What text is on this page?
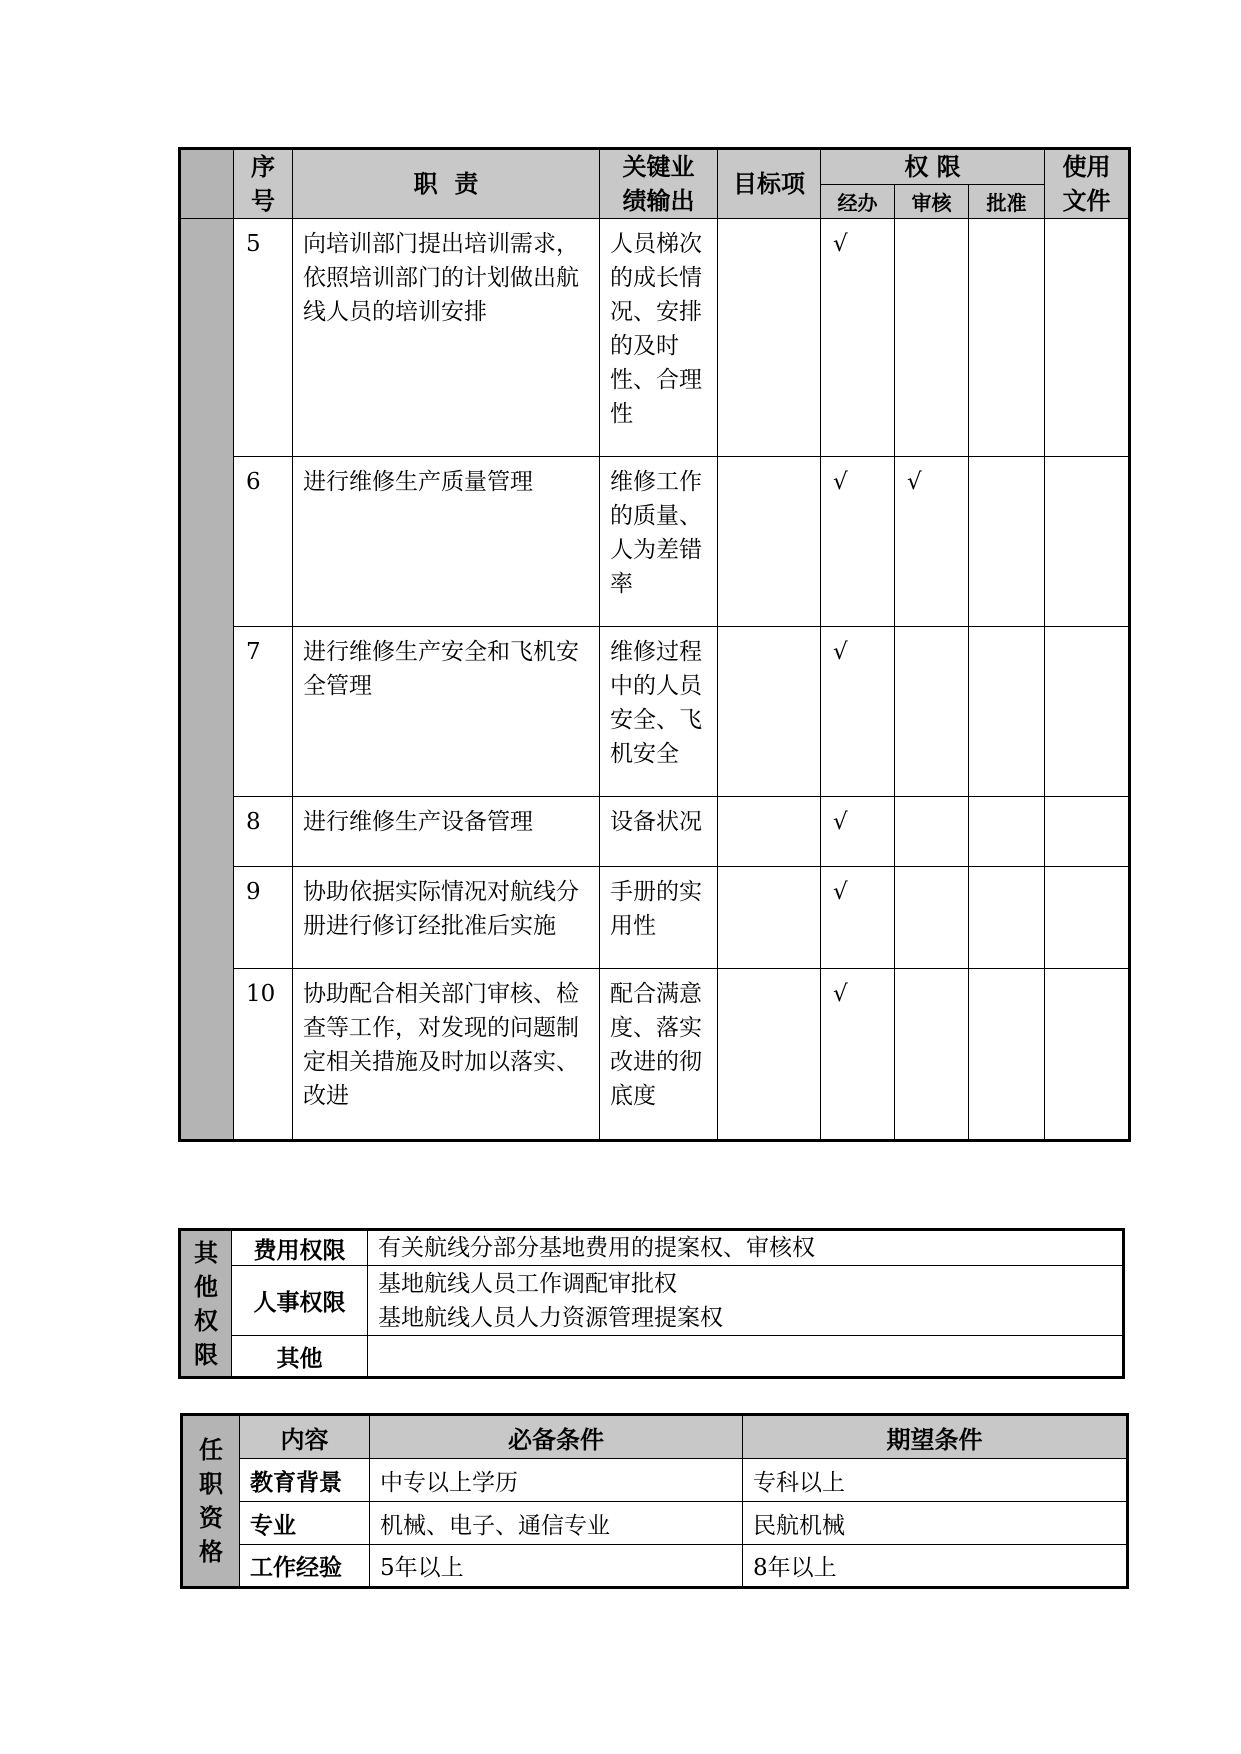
	序号	职  责	关键业绩输出	目标项	权 限			使用文件
					经办	审核	批准	
	5	向培训部门提出培训需求，依照培训部门的计划做出航线人员的培训安排	人员梯次的成长情况、安排的及时性、合理性		√			
	6	进行维修生产质量管理	维修工作的质量、人为差错率		√	√		
	7	进行维修生产安全和飞机安全管理	维修过程中的人员安全、飞机安全		√			
	8	进行维修生产设备管理	设备状况		√			
	9	协助依据实际情况对航线分册进行修订经批准后实施	手册的实用性		√			
	10	协助配合相关部门审核、检查等工作，对发现的问题制定相关措施及时加以落实、改进	配合满意度、落实改进的彻底度		√			
其他权限	费用权限	有关航线分部分基地费用的提案权、审核权

	人事权限	基地航线人员工作调配审批权
基地航线人员人力资源管理提案权

	其他	
任职资格	内容	必备条件	期望条件
	教育背景	中专以上学历	专科以上
	专业	机械、电子、通信专业	民航机械
	工作经验	5年以上	8年以上
